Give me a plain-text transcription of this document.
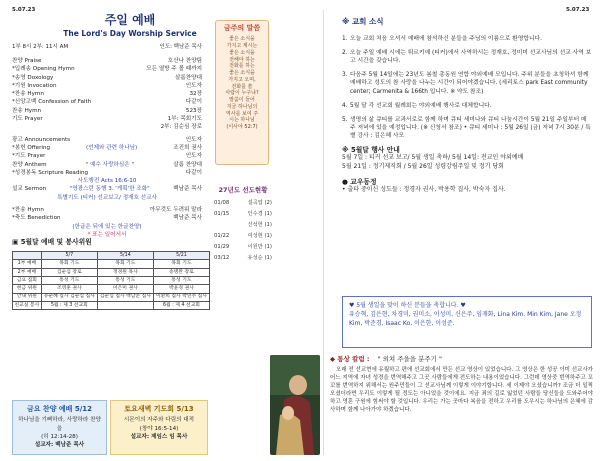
5.07.23	5.07.23
주일 예배
The Lord's Day Worship Service
1부 8시 2부: 11시 AM	인도: 백남준 목사
찬양 Praise	호산나 찬양팀
*입례송 Opening Hymn	모든 열방 주 볼 때까지
*송영 Doxology	살롬찬양대
*기원 Invocation	인도자
*찬송 Hymn	32장
*신앙고백 Confession of Faith	다같이
찬송 Hymn	523장
기도 Prayer	1부: 목회기도
2부: 김순심 장로
광고 Announcements	인도자
*봉헌 Offering	(언제와 관련 하나님)	조진희 권사
*기도 Prayer	인도자
찬양 Anthem	" 예수 사랑하심은 "	살롬 찬양대
*성경봉독 Scripture Reading	다같이
사도행전 Acts 16:6-10
설교 Sermon	"영광스런 동행 3. '게획'한 조화"	백남준 목사
특별기도 (티커) 선교보고/ 정재호 선교사
*찬송 Hymn	아무것도 두려워 말라
*축도 Benediction	백남준 목사
(한글은 뒤에 있는 한글찬양)
* 표는 일어서서
▣ 5월달 예배 및 봉사위원
	5/7	5/14	5/21
1부 예배	목회 기도	목회 기도	목회 기도
2부 예배	김순심 장로	정경원 목사	송병완 장로
금요 집회	통성 기도	통성 기도	통성 기도
헌금 위원	조영훈 권사	이은미 권사	박윤경 권사
안내 위원	유순혜 집사 김순심 집사	김순심 집사 백남준 집사	이환희 집사 박연주 집사
친교실 봉사	5월 : 제 3 선교회		6월 : 제 4 선교회
금요 찬양 예배 5/12
하나님을 기뻐하라, 사랑하라 찬양을
(히 12:14-28)
설교자: 백남준 목사
토요새벽 기도회 5/13
시몬이의 자주와 다림의 대적
(창야 16:5-14)
설교자: 제임스 임 목사
금주의 말씀
좋은 소식을
가지고 계시는
좋은 소식을
전해야 하는
전화를 하는
좋은 소식을
가지고 오며,
전화를 쓸
사람이 누구냐?
말씀이 들어
지금 하나님의
역사를 보여 주
시는 하나님
(이사야 52:7)
27년도 선도현황
01/08	설곡업 (2)
01/15	인수경 (1)
신석헌 (1)
01/22	여성현 (1)
01/29	이원만 (1)
03/12	유성순 (1)
※ 교회 소식
1. 오늘 교회 처음 오셔서 예배에 참석하신 분들을 주님의 이름으로 환영합니다.
2. 오늘 주일 예배 시에는 튀르키예 (티커)에서 사역하시는 정재호, 정미미 선교사님의 선교 사역 보고 시간을 갖습니다.
3. 다음주 5월 14일에는 23년도 봄철 총동원 연합 야외예배 모입니다. 주위 분들을 초청하셔 함께 예배하고 성도의 참 사랑을 나누는 시간이 되어야겠습니다. (세리토스 park East community center; Carmenita & 166th 입니다. ※ 약도 참조)
4. 5월 달 각 선교회 월례회는 야외예배 행사로 대체합니다.
5. 생명의 삶 큐티를 교과서로로 함께 하며 큐티 세미나와 큐티 나눔시간이 5월 21일 주일부터 매주 저녁에 있을 예정입니다. (※ 신청서 참조) • 큐티 세미나 : 5월 26일 (금) 저녁 7시 30분 / 특별 강사 : 김은혜 사모
※ 5월달 행사 안내
5월 7일 : 티커 선교 보고/ 5월 생일 축하/ 5월 14일: 전교인 야외예배
5월 21일 : 정기제직회 / 5월 26일 성령강림주일 및 정기 당회
● 교우동정
• 출타 중이신 성도들 : 정경자 권사, 박용학 집사, 박숙자 집사.
♥ 5월 생일을 맞이 하신 분들을 축합니다. ♥
유승혁, 김은현, 차경미, 권미소, 이성미, 신은주, 임재화, Lina Kim. Min Kim, Jane 오정 Kim, 박준경, Isaac Ko, 이은한, 이성준.
◆ 통상 칼럼 : " 외쳐 주을을 분주기 "
오래 전 선교현에 유월하고 편에 선교회에서 만든 선교 영상이 있었습니다. 그 영상은 한 성공 이미 선교사가 어느 지역에 자녀 성경을 번역해주고 그곳 사람들에게 전도하는 내용이었습니다. 그런데 영상중 번역하주고 꼬꼬를 번역하지 위해서는 원주민들이 그 선교사님께 이렇게 이야기합니다. 세 이제야 오셨습니까? 조금 더 일찍 오셨더라면 우리도 이렇게 될 정도는 아니었을 것이에요. 지금 죄의 길로 잃었던 사람들 당신들을 도와주어야 하고 영혼 구원에 힘써야 할 것입니다. 우리는 가는 곳마다 복음을 전하고 우리를 도우시는 하나님의 은혜에 감사하며 함께 나아가야 하겠습니다.
